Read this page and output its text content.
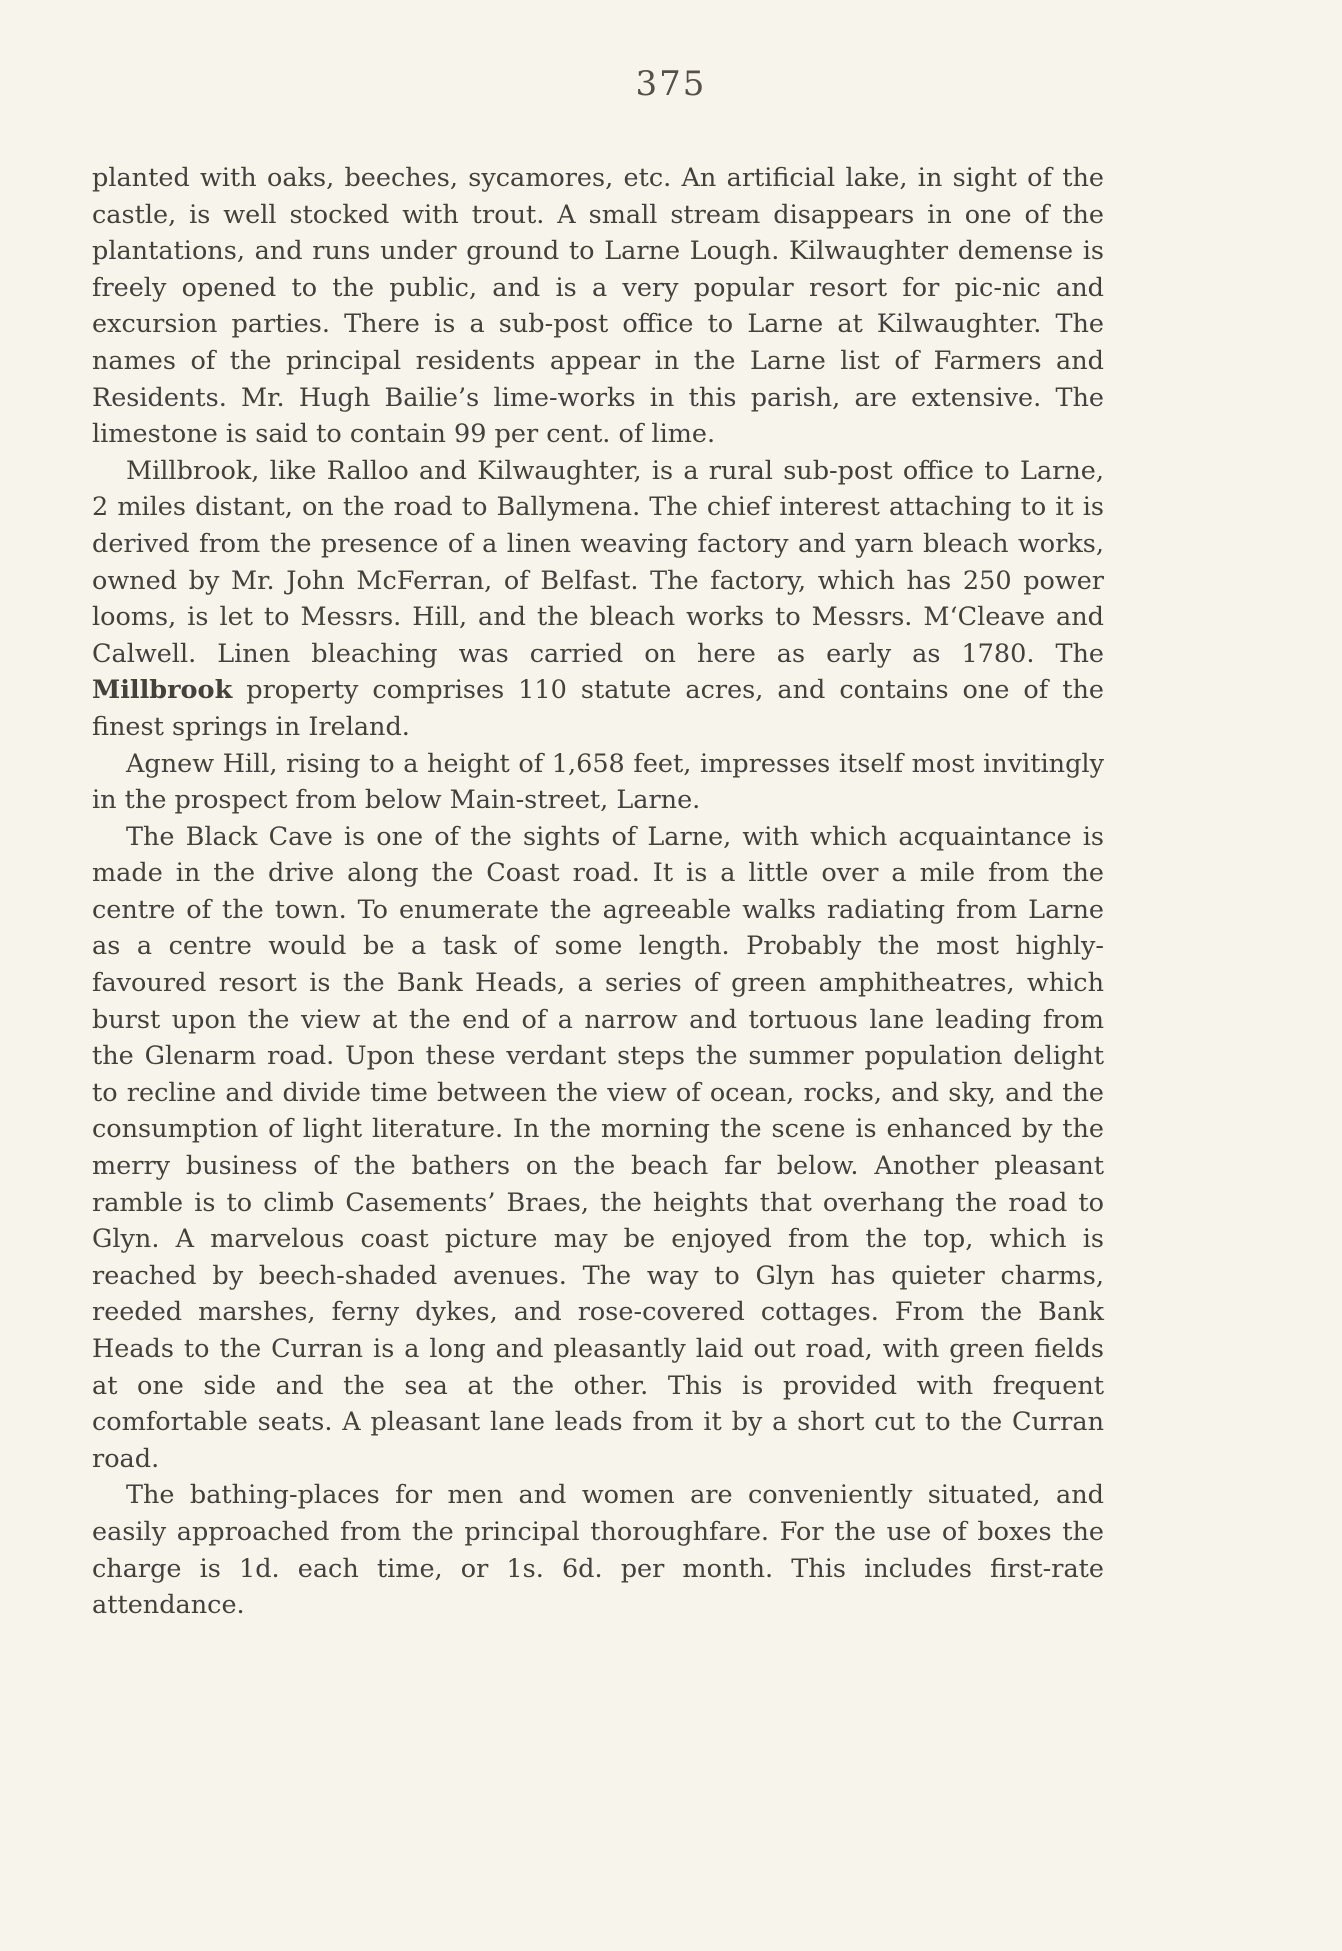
375

planted with oaks, beeches, sycamores, etc. An artificial lake, in sight of the castle, is well stocked with trout. A small stream disappears in one of the plantations, and runs under ground to Larne Lough. Kilwaughter demense is freely opened to the public, and is a very popular resort for pic-nic and excursion parties. There is a sub-post office to Larne at Kilwaughter. The names of the principal residents appear in the Larne list of Farmers and Residents. Mr. Hugh Bailie’s lime-works in this parish, are extensive. The limestone is said to contain 99 per cent. of lime.

Millbrook, like Ralloo and Kilwaughter, is a rural sub-post office to Larne, 2 miles distant, on the road to Ballymena. The chief interest attaching to it is derived from the presence of a linen weaving factory and yarn bleach works, owned by Mr. John McFerran, of Belfast. The factory, which has 250 power looms, is let to Messrs. Hill, and the bleach works to Messrs. M‘Cleave and Calwell. Linen bleaching was carried on here as early as 1780. The Millbrook property comprises 110 statute acres, and contains one of the finest springs in Ireland.

Agnew Hill, rising to a height of 1,658 feet, impresses itself most invitingly in the prospect from below Main-street, Larne.

The Black Cave is one of the sights of Larne, with which acquaintance is made in the drive along the Coast road. It is a little over a mile from the centre of the town. To enumerate the agreeable walks radiating from Larne as a centre would be a task of some length. Probably the most highly-favoured resort is the Bank Heads, a series of green amphitheatres, which burst upon the view at the end of a narrow and tortuous lane leading from the Glenarm road. Upon these verdant steps the summer population delight to recline and divide time between the view of ocean, rocks, and sky, and the consumption of light literature. In the morning the scene is enhanced by the merry business of the bathers on the beach far below. Another pleasant ramble is to climb Casements’ Braes, the heights that overhang the road to Glyn. A marvelous coast picture may be enjoyed from the top, which is reached by beech-shaded avenues. The way to Glyn has quieter charms, reeded marshes, ferny dykes, and rose-covered cottages. From the Bank Heads to the Curran is a long and pleasantly laid out road, with green fields at one side and the sea at the other. This is provided with frequent comfortable seats. A pleasant lane leads from it by a short cut to the Curran road.

The bathing-places for men and women are conveniently situated, and easily approached from the principal thoroughfare. For the use of boxes the charge is 1d. each time, or 1s. 6d. per month. This includes first-rate attendance.
